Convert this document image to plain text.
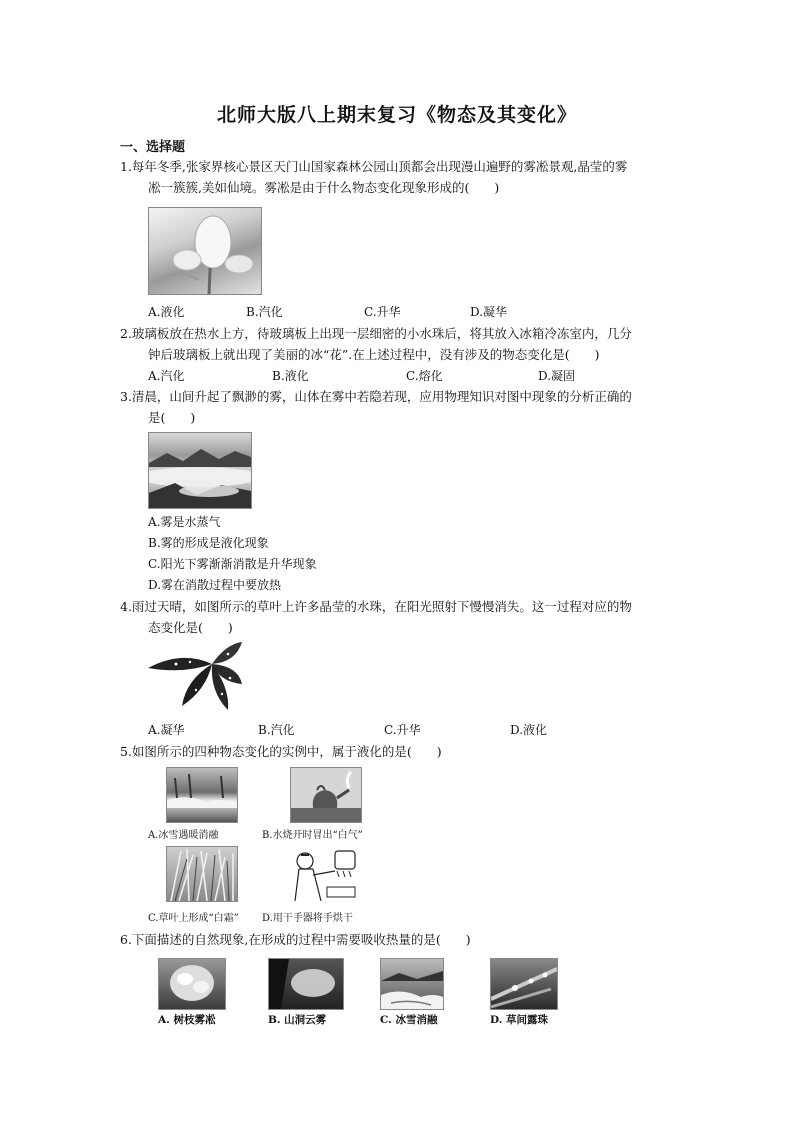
北师大版八上期末复习《物态及其变化》
一、选择题
1.每年冬季,张家界核心景区天门山国家森林公园山顶都会出现漫山遍野的雾凇景观,晶莹的雾
凇一簇簇,美如仙境。雾凇是由于什么物态变化现象形成的(　　)
A.液化	B.汽化	C.升华	D.凝华
2.玻璃板放在热水上方，待玻璃板上出现一层细密的小水珠后，将其放入冰箱冷冻室内，几分
钟后玻璃板上就出现了美丽的冰“花”.在上述过程中，没有涉及的物态变化是(　　)
A.汽化	B.液化	C.熔化	D.凝固
3.清晨，山间升起了飘渺的雾，山体在雾中若隐若现，应用物理知识对图中现象的分析正确的
是(　　)
A.雾是水蒸气
B.雾的形成是液化现象
C.阳光下雾渐渐消散是升华现象
D.雾在消散过程中要放热
4.雨过天晴，如图所示的草叶上许多晶莹的水珠，在阳光照射下慢慢消失。这一过程对应的物
态变化是(　　)
A.凝华	B.汽化	C.升华	D.液化
5.如图所示的四种物态变化的实例中，属于液化的是(　　)
A.冰雪遇暖消融	B.水烧开时冒出“白气”
C.草叶上形成“白霜” D.用干手器将手烘干
6.下面描述的自然现象,在形成的过程中需要吸收热量的是(　　)
A. 树枝雾凇	B. 山洞云雾	C. 冰雪消融	D. 草间露珠
